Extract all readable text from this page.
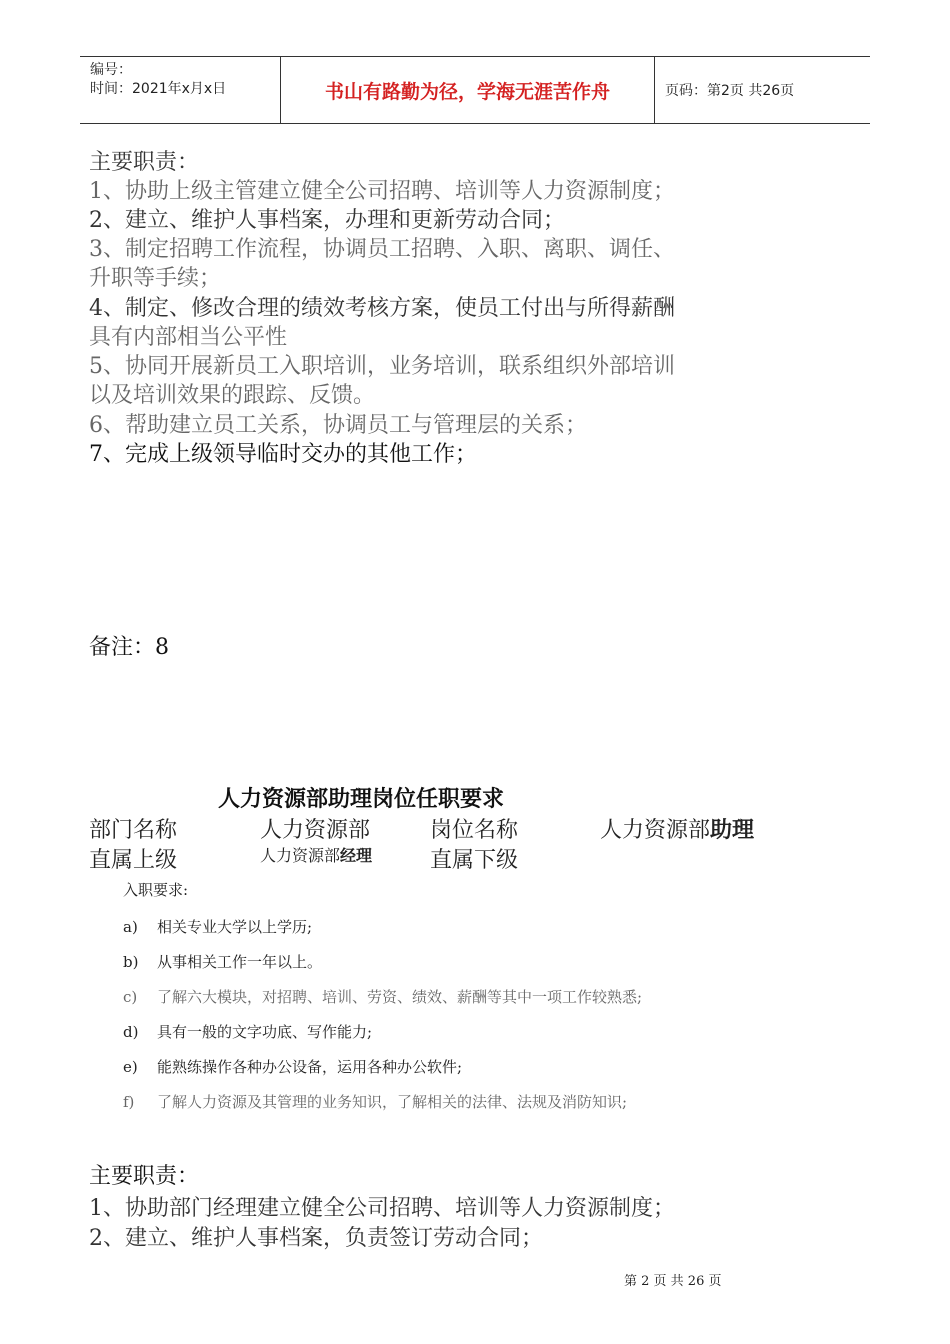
编号：
时间：2021年x月x日	书山有路勤为径，学海无涯苦作舟	页码：第2页 共26页
主要职责：
1、协助上级主管建立健全公司招聘、培训等人力资源制度；
2、建立、维护人事档案，办理和更新劳动合同；
3、制定招聘工作流程，协调员工招聘、入职、离职、调任、
升职等手续；
4、制定、修改合理的绩效考核方案，使员工付出与所得薪酬
具有内部相当公平性
5、协同开展新员工入职培训，业务培训，联系组织外部培训
以及培训效果的跟踪、反馈。
6、帮助建立员工关系，协调员工与管理层的关系；
7、完成上级领导临时交办的其他工作；
备注：8
人力资源部助理岗位任职要求
部门名称	人力资源部	岗位名称	人力资源部助理
直属上级	人力资源部经理	直属下级
入职要求:
a) 相关专业大学以上学历;
b) 从事相关工作一年以上。
c) 了解六大模块，对招聘、培训、劳资、绩效、薪酬等其中一项工作较熟悉;
d) 具有一般的文字功底、写作能力;
e) 能熟练操作各种办公设备，运用各种办公软件;
f) 了解人力资源及其管理的业务知识，了解相关的法律、法规及消防知识;
主要职责：
1、协助部门经理建立健全公司招聘、培训等人力资源制度；
2、建立、维护人事档案，负责签订劳动合同；
第 2 页 共 26 页
